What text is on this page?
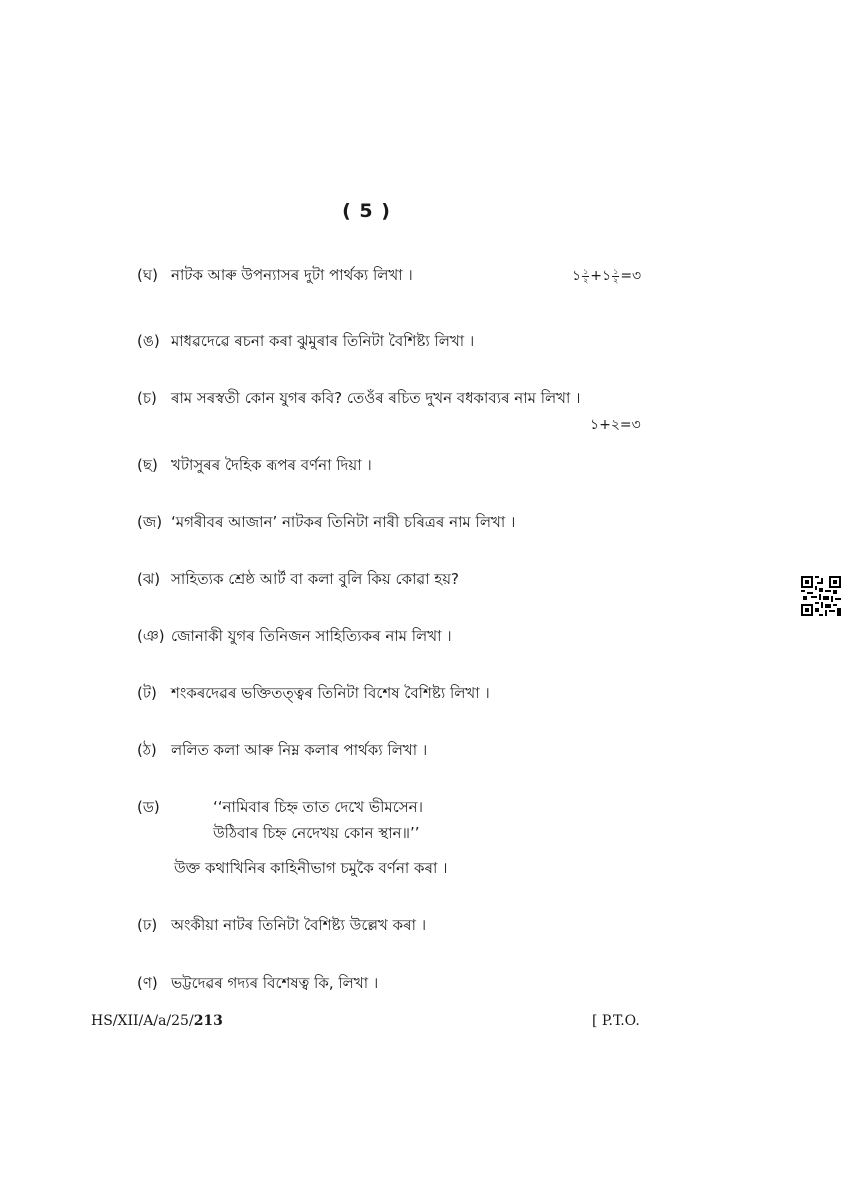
( 5 )
(ঘ) নাটক আৰু উপন্যাসৰ দুটা পাৰ্থক্য লিখা ।	১ $\frac{১}{২}$ +১ $\frac{১}{২}$ =৩
(ঙ) মাধৱদেৱে ৰচনা কৰা ঝুমুৰাৰ তিনিটা বৈশিষ্ট্য লিখা ।
(চ) ৰাম সৰস্বতী কোন যুগৰ কবি? তেওঁৰ ৰচিত দুখন বধকাব্যৰ নাম লিখা ।
১+২=৩
(ছ) খটাসুৰৰ দৈহিক ৰূপৰ বৰ্ণনা দিয়া ।
(জ) ‘মগৰীবৰ আজান’ নাটকৰ তিনিটা নাৰী চৰিত্ৰৰ নাম লিখা ।
(ঝ) সাহিত্যক শ্ৰেষ্ঠ আৰ্ট বা কলা বুলি কিয় কোৱা হয়?
(ঞ) জোনাকী যুগৰ তিনিজন সাহিত্যিকৰ নাম লিখা ।
(ট) শংকৰদেৱৰ ভক্তিতত্ত্বৰ তিনিটা বিশেষ বৈশিষ্ট্য লিখা ।
(ঠ) ললিত কলা আৰু নিম্ন কলাৰ পাৰ্থক্য লিখা ।
(ড)	‘‘নামিবাৰ চিহ্ন তাত দেখে ভীমসেন।
উঠিবাৰ চিহ্ন নেদেখয় কোন স্থান॥’’
উক্ত কথাখিনিৰ কাহিনীভাগ চমুকৈ বৰ্ণনা কৰা ।
(ঢ) অংকীয়া নাটৰ তিনিটা বৈশিষ্ট্য উল্লেখ কৰা ।
(ণ) ভট্টদেৱৰ গদ্যৰ বিশেষত্ব কি, লিখা ।
HS/XII/A/a/25/213	[ P.T.O.
